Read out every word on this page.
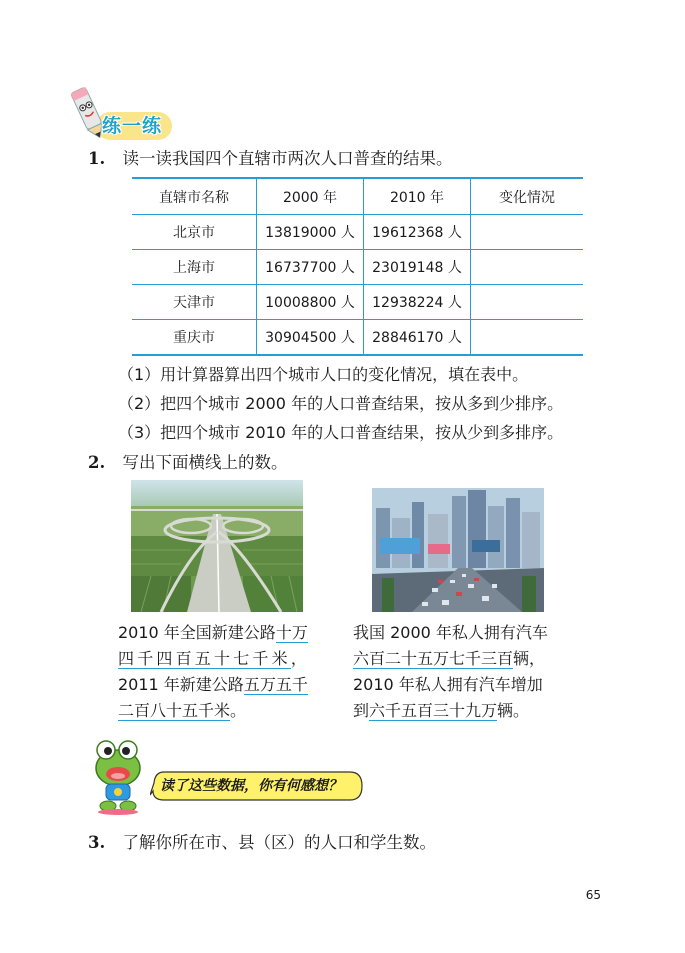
练一练
1. 读一读我国四个直辖市两次人口普查的结果。
直辖市名称	2000 年	2010 年	变化情况
北京市	13819000 人	19612368 人	
上海市	16737700 人	23019148 人	
天津市	10008800 人	12938224 人	
重庆市	30904500 人	28846170 人	
（1）用计算器算出四个城市人口的变化情况，填在表中。
（2）把四个城市 2000 年的人口普查结果，按从多到少排序。
（3）把四个城市 2010 年的人口普查结果，按从少到多排序。
2. 写出下面横线上的数。
2010 年全国新建公路十万
四千四百五十七千米，
2011 年新建公路五万五千
二百八十五千米。
我国 2000 年私人拥有汽车
六百二十五万七千三百辆，
2010 年私人拥有汽车增加
到六千五百三十九万辆。
读了这些数据，你有何感想？
3. 了解你所在市、县（区）的人口和学生数。
65
